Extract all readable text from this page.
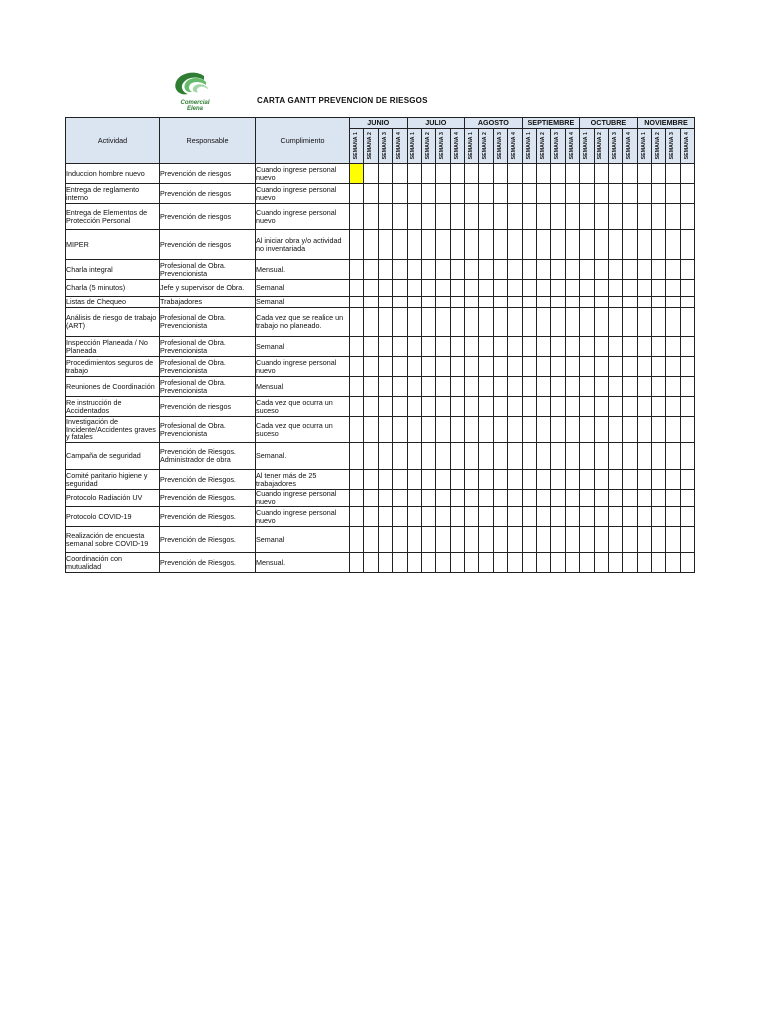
Comercial
Elena
CARTA GANTT PREVENCION DE RIESGOS
Actividad	Responsable	Cumplimiento	JUNIO				JULIO				AGOSTO				SEPTIEMBRE				OCTUBRE				NOVIEMBRE			

			SEMANA 1	SEMANA 2	SEMANA 3	SEMANA 4	SEMANA 1	SEMANA 2	SEMANA 3	SEMANA 4	SEMANA 1	SEMANA 2	SEMANA 3	SEMANA 4	SEMANA 1	SEMANA 2	SEMANA 3	SEMANA 4	SEMANA 1	SEMANA 2	SEMANA 3	SEMANA 4	SEMANA 1	SEMANA 2	SEMANA 3	SEMANA 4

Induccion hombre nuevo	Prevención de riesgos	Cuando ingrese personal nuevo																								
Entrega de reglamento interno	Prevención de riesgos	Cuando ingrese personal nuevo																								
Entrega de Elementos de Protección Personal	Prevención de riesgos	Cuando ingrese personal nuevo																								
MIPER	Prevención de riesgos	Al iniciar obra y/o actividad no inventariada																								
Charla integral	Profesional de Obra. Prevencionista	Mensual.																								
Charla (5 minutos)	Jefe y supervisor de Obra.	Semanal																								
Listas de Chequeo	Trabajadores	Semanal																								
Análisis de riesgo de trabajo (ART)	Profesional de Obra. Prevencionista	Cada vez que se realice un trabajo no planeado.																								
Inspección Planeada / No Planeada	Profesional de Obra. Prevencionista	Semanal																								
Procedimientos seguros de trabajo	Profesional de Obra. Prevencionista	Cuando ingrese personal nuevo																								
Reuniones de Coordinación	Profesional de Obra. Prevencionista	Mensual																								
Re instrucción de Accidentados	Prevención de riesgos	Cada vez que ocurra un suceso																								
Investigación de Incidente/Accidentes graves y fatales	Profesional de Obra. Prevencionista	Cada vez que ocurra un suceso																								
Campaña de seguridad	Prevención de Riesgos. Administrador de obra	Semanal.																								
Comité paritario higiene y seguridad	Prevención de Riesgos.	Al tener más de 25 trabajadores																								
Protocolo Radiación UV	Prevención de Riesgos.	Cuando ingrese personal nuevo																								
Protocolo COVID-19	Prevención de Riesgos.	Cuando ingrese personal nuevo																								
Realización de encuesta semanal sobre COVID-19	Prevención de Riesgos.	Semanal																								
Coordinación con mutualidad	Prevención de Riesgos.	Mensual.																								
